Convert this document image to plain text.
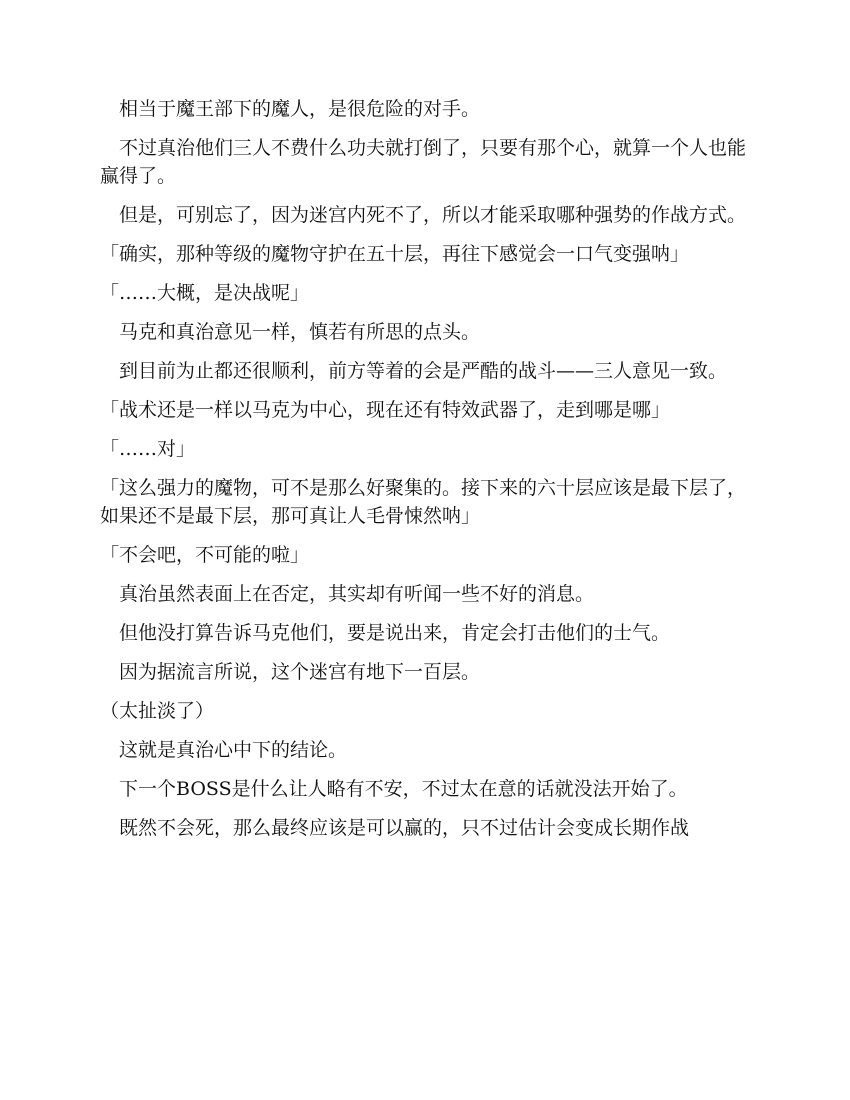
　相当于魔王部下的魔人，是很危险的对手。

　不过真治他们三人不费什么功夫就打倒了，只要有那个心，就算一个人也能赢得了。

　但是，可别忘了，因为迷宫内死不了，所以才能采取哪种强势的作战方式。

「确实，那种等级的魔物守护在五十层，再往下感觉会一口气变强呐」

「……大概，是决战呢」

　马克和真治意见一样，慎若有所思的点头。

　到目前为止都还很顺利，前方等着的会是严酷的战斗——三人意见一致。

「战术还是一样以马克为中心，现在还有特效武器了，走到哪是哪」

「……对」

「这么强力的魔物，可不是那么好聚集的。接下来的六十层应该是最下层了，如果还不是最下层，那可真让人毛骨悚然呐」

「不会吧，不可能的啦」

　真治虽然表面上在否定，其实却有听闻一些不好的消息。

　但他没打算告诉马克他们，要是说出来，肯定会打击他们的士气。

　因为据流言所说，这个迷宫有地下一百层。

（太扯淡了）

　这就是真治心中下的结论。

　下一个BOSS是什么让人略有不安，不过太在意的话就没法开始了。

　既然不会死，那么最终应该是可以赢的，只不过估计会变成长期作战
